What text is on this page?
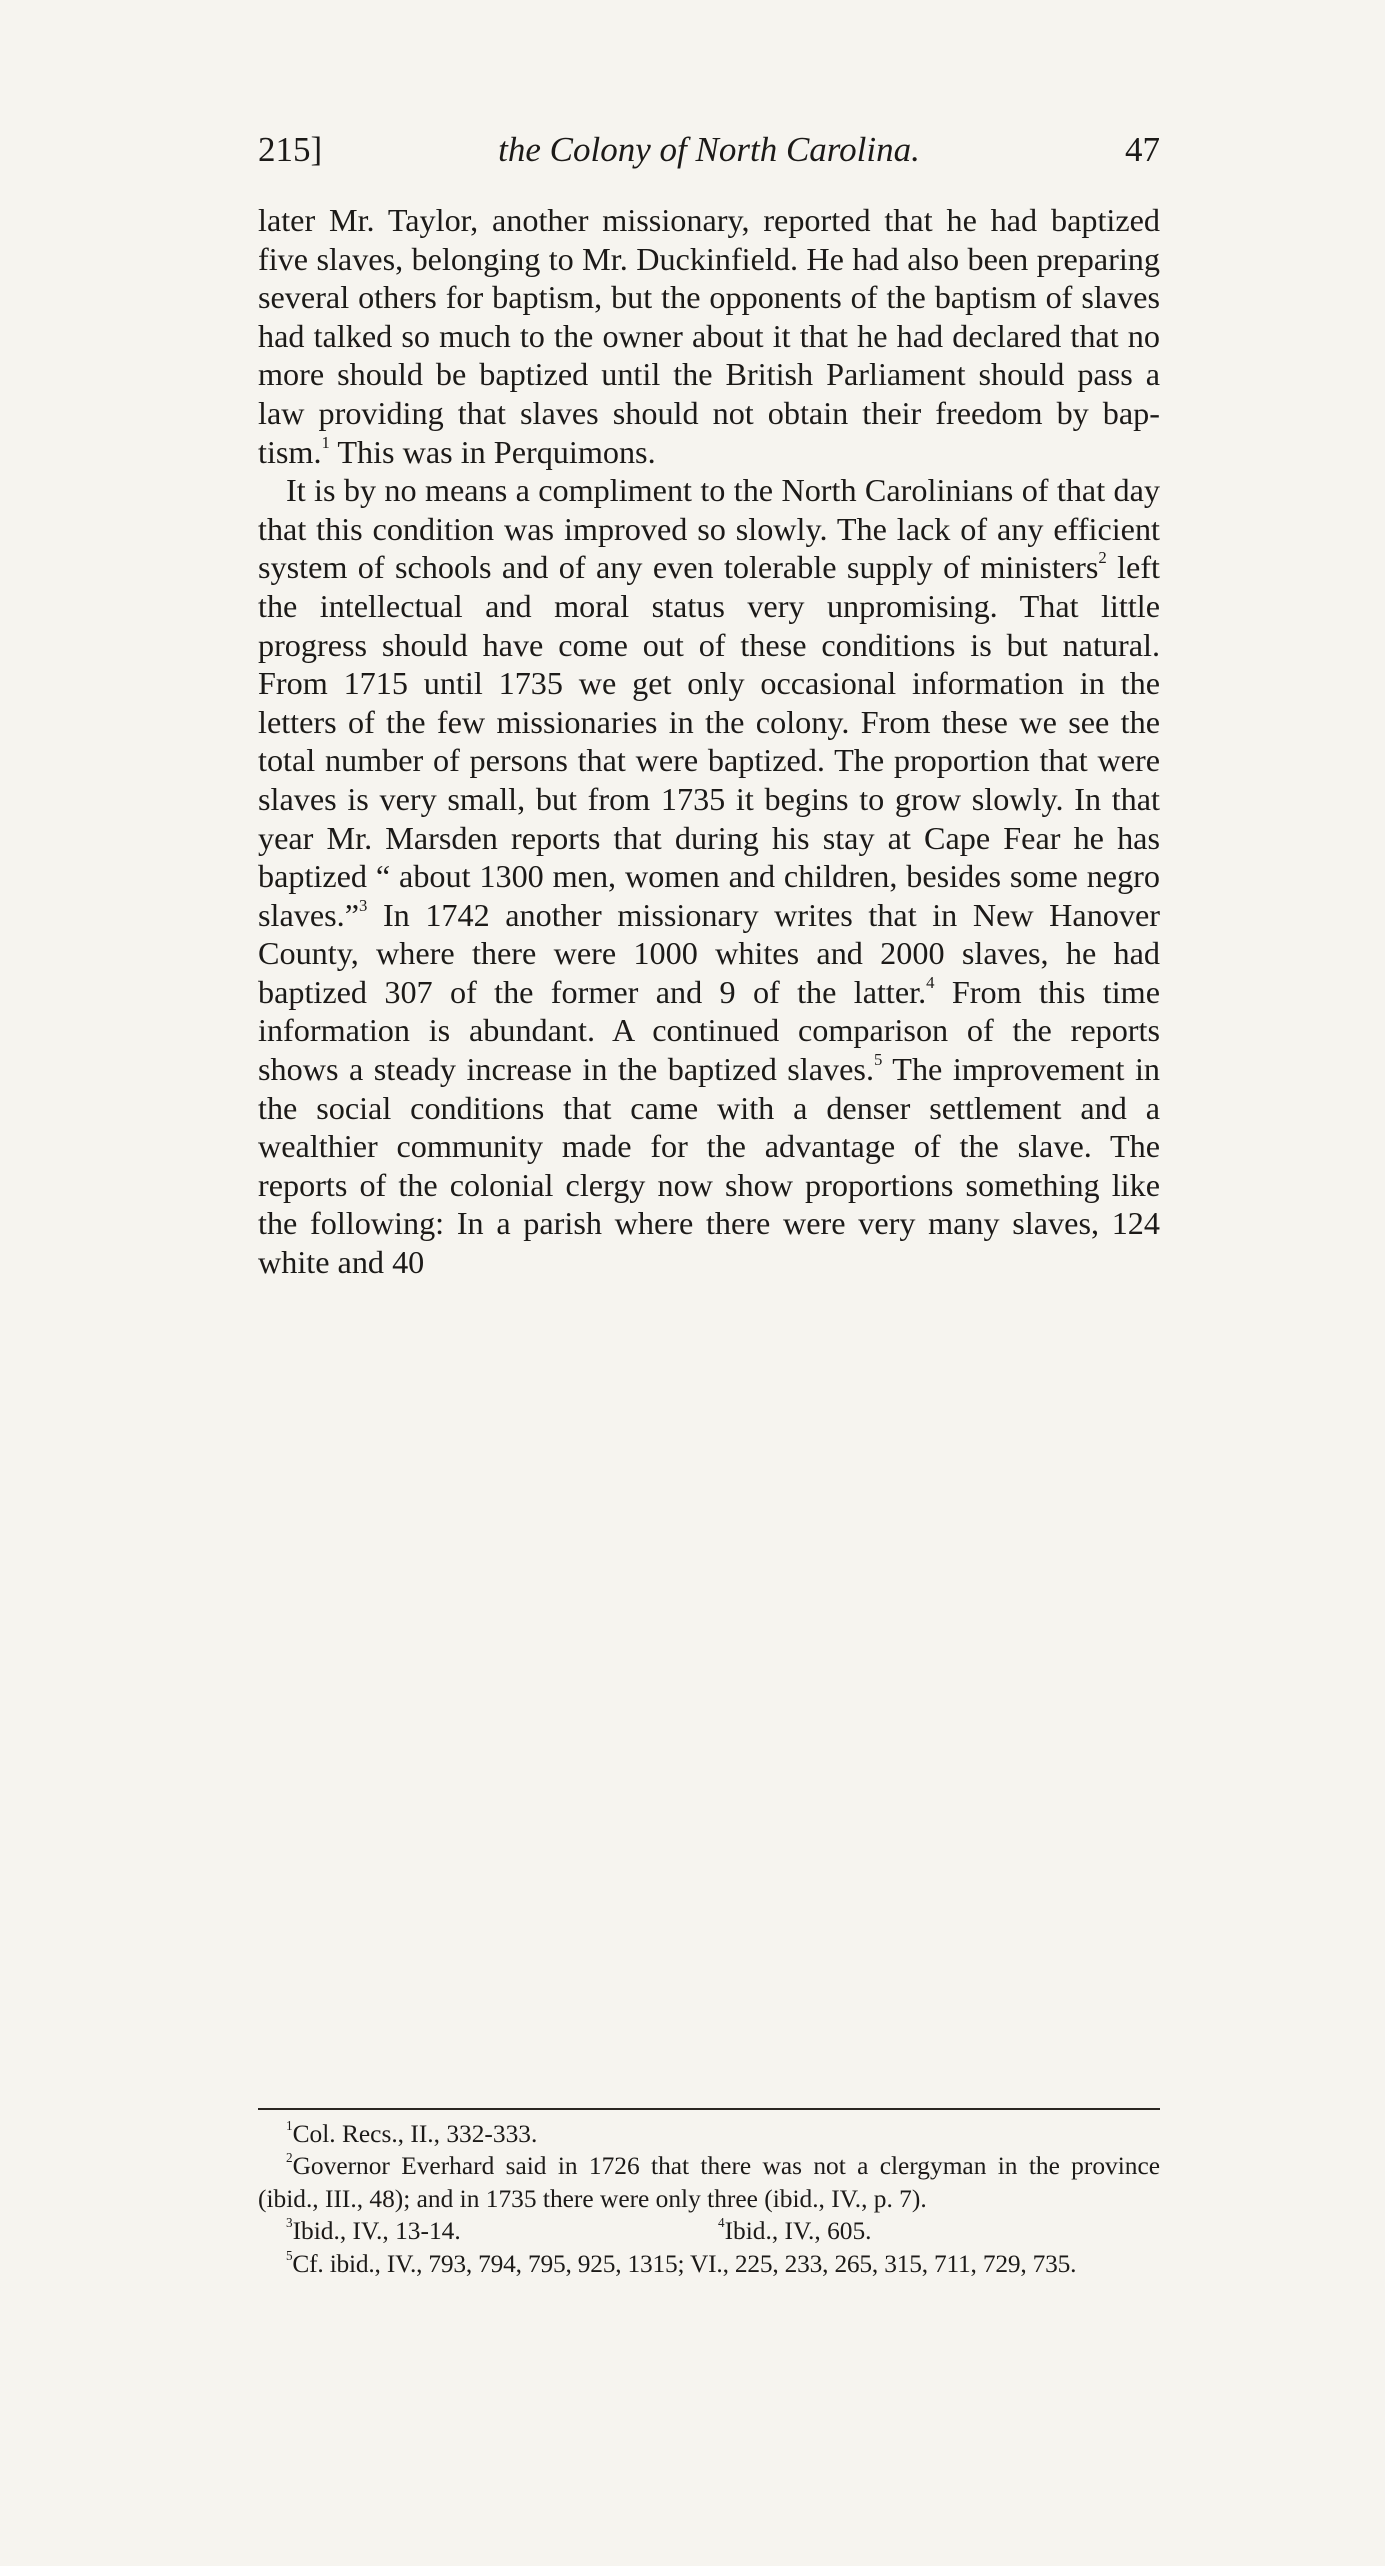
215]	the Colony of North Carolina.	47

later Mr. Taylor, another missionary, reported that he had baptized five slaves, belonging to Mr. Duckinfield. He had also been preparing several others for baptism, but the opponents of the baptism of slaves had talked so much to the owner about it that he had declared that no more should be baptized until the British Parliament should pass a law providing that slaves should not obtain their freedom by baptism.$^1$ This was in Perquimons.

It is by no means a compliment to the North Carolinians of that day that this condition was improved so slowly. The lack of any efficient system of schools and of any even tolerable supply of ministers$^2$ left the intellectual and moral status very unpromising. That little progress should have come out of these conditions is but natural. From 1715 until 1735 we get only occasional information in the letters of the few missionaries in the colony. From these we see the total number of persons that were baptized. The proportion that were slaves is very small, but from 1735 it begins to grow slowly. In that year Mr. Marsden reports that during his stay at Cape Fear he has baptized “ about 1300 men, women and children, besides some negro slaves.”$^3$ In 1742 another missionary writes that in New Hanover County, where there were 1000 whites and 2000 slaves, he had baptized 307 of the former and 9 of the latter.$^4$ From this time information is abundant. A continued comparison of the reports shows a steady increase in the baptized slaves.$^5$ The improvement in the social conditions that came with a denser settlement and a wealthier community made for the advantage of the slave. The reports of the colonial clergy now show proportions something like the following: In a parish where there were very many slaves, 124 white and 40

$^1$Col. Recs., II., 332-333.

$^2$Governor Everhard said in 1726 that there was not a clergyman in the province (ibid., III., 48); and in 1735 there were only three (ibid., IV., p. 7).

$^3$Ibid., IV., 13-14.	$^4$Ibid., IV., 605.

$^5$Cf. ibid., IV., 793, 794, 795, 925, 1315; VI., 225, 233, 265, 315, 711, 729, 735.
